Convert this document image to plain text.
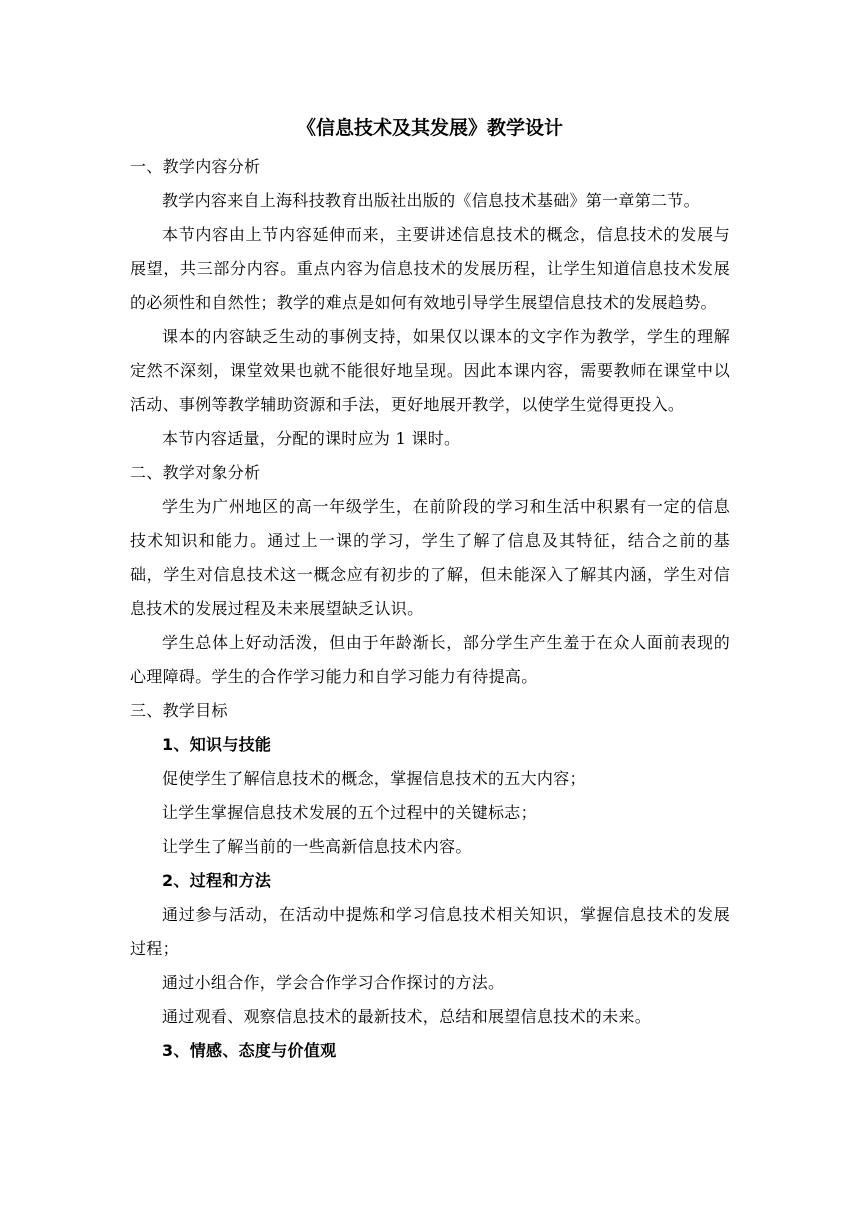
《信息技术及其发展》教学设计

一、教学内容分析

教学内容来自上海科技教育出版社出版的《信息技术基础》第一章第二节。

本节内容由上节内容延伸而来，主要讲述信息技术的概念，信息技术的发展与展望，共三部分内容。重点内容为信息技术的发展历程，让学生知道信息技术发展的必须性和自然性；教学的难点是如何有效地引导学生展望信息技术的发展趋势。

课本的内容缺乏生动的事例支持，如果仅以课本的文字作为教学，学生的理解定然不深刻，课堂效果也就不能很好地呈现。因此本课内容，需要教师在课堂中以活动、事例等教学辅助资源和手法，更好地展开教学，以使学生觉得更投入。

本节内容适量，分配的课时应为 1 课时。

二、教学对象分析

学生为广州地区的高一年级学生，在前阶段的学习和生活中积累有一定的信息技术知识和能力。通过上一课的学习，学生了解了信息及其特征，结合之前的基础，学生对信息技术这一概念应有初步的了解，但未能深入了解其内涵，学生对信息技术的发展过程及未来展望缺乏认识。

学生总体上好动活泼，但由于年龄渐长，部分学生产生羞于在众人面前表现的心理障碍。学生的合作学习能力和自学习能力有待提高。

三、教学目标

1、知识与技能

促使学生了解信息技术的概念，掌握信息技术的五大内容；

让学生掌握信息技术发展的五个过程中的关键标志；

让学生了解当前的一些高新信息技术内容。

2、过程和方法

通过参与活动，在活动中提炼和学习信息技术相关知识，掌握信息技术的发展过程；

通过小组合作，学会合作学习合作探讨的方法。

通过观看、观察信息技术的最新技术，总结和展望信息技术的未来。

3、情感、态度与价值观
